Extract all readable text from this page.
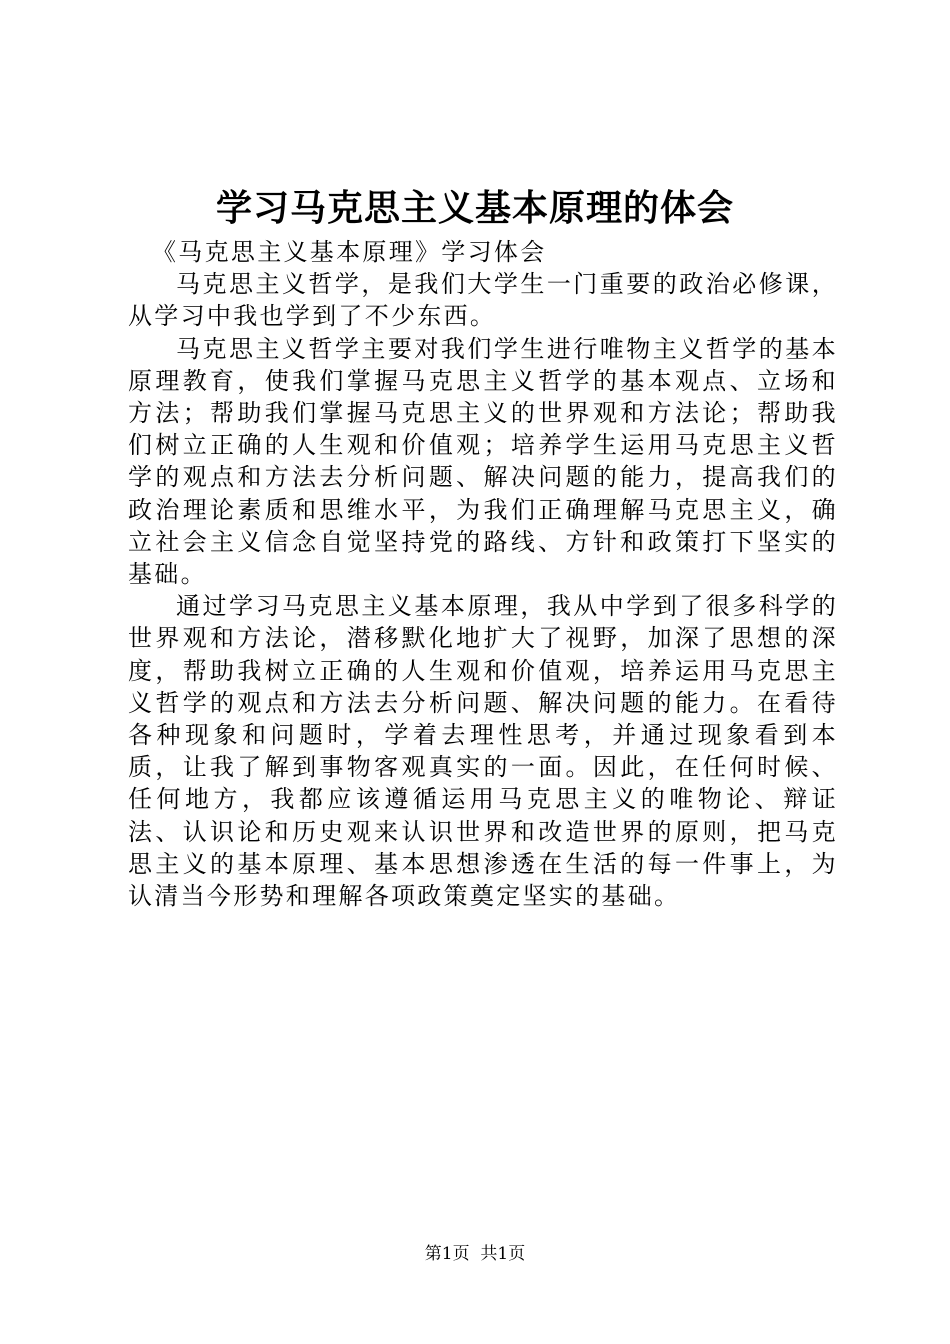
学习马克思主义基本原理的体会

《马克思主义基本原理》学习体会

马克思主义哲学，是我们大学生一门重要的政治必修课，从学习中我也学到了不少东西。

马克思主义哲学主要对我们学生进行唯物主义哲学的基本原理教育，使我们掌握马克思主义哲学的基本观点、立场和方法；帮助我们掌握马克思主义的世界观和方法论；帮助我们树立正确的人生观和价值观；培养学生运用马克思主义哲学的观点和方法去分析问题、解决问题的能力，提高我们的政治理论素质和思维水平，为我们正确理解马克思主义，确立社会主义信念自觉坚持党的路线、方针和政策打下坚实的基础。

通过学习马克思主义基本原理，我从中学到了很多科学的世界观和方法论，潜移默化地扩大了视野，加深了思想的深度，帮助我树立正确的人生观和价值观，培养运用马克思主义哲学的观点和方法去分析问题、解决问题的能力。在看待各种现象和问题时，学着去理性思考，并通过现象看到本质，让我了解到事物客观真实的一面。因此，在任何时候、任何地方，我都应该遵循运用马克思主义的唯物论、辩证法、认识论和历史观来认识世界和改造世界的原则，把马克思主义的基本原理、基本思想渗透在生活的每一件事上，为认清当今形势和理解各项政策奠定坚实的基础。

第1页 共1页
